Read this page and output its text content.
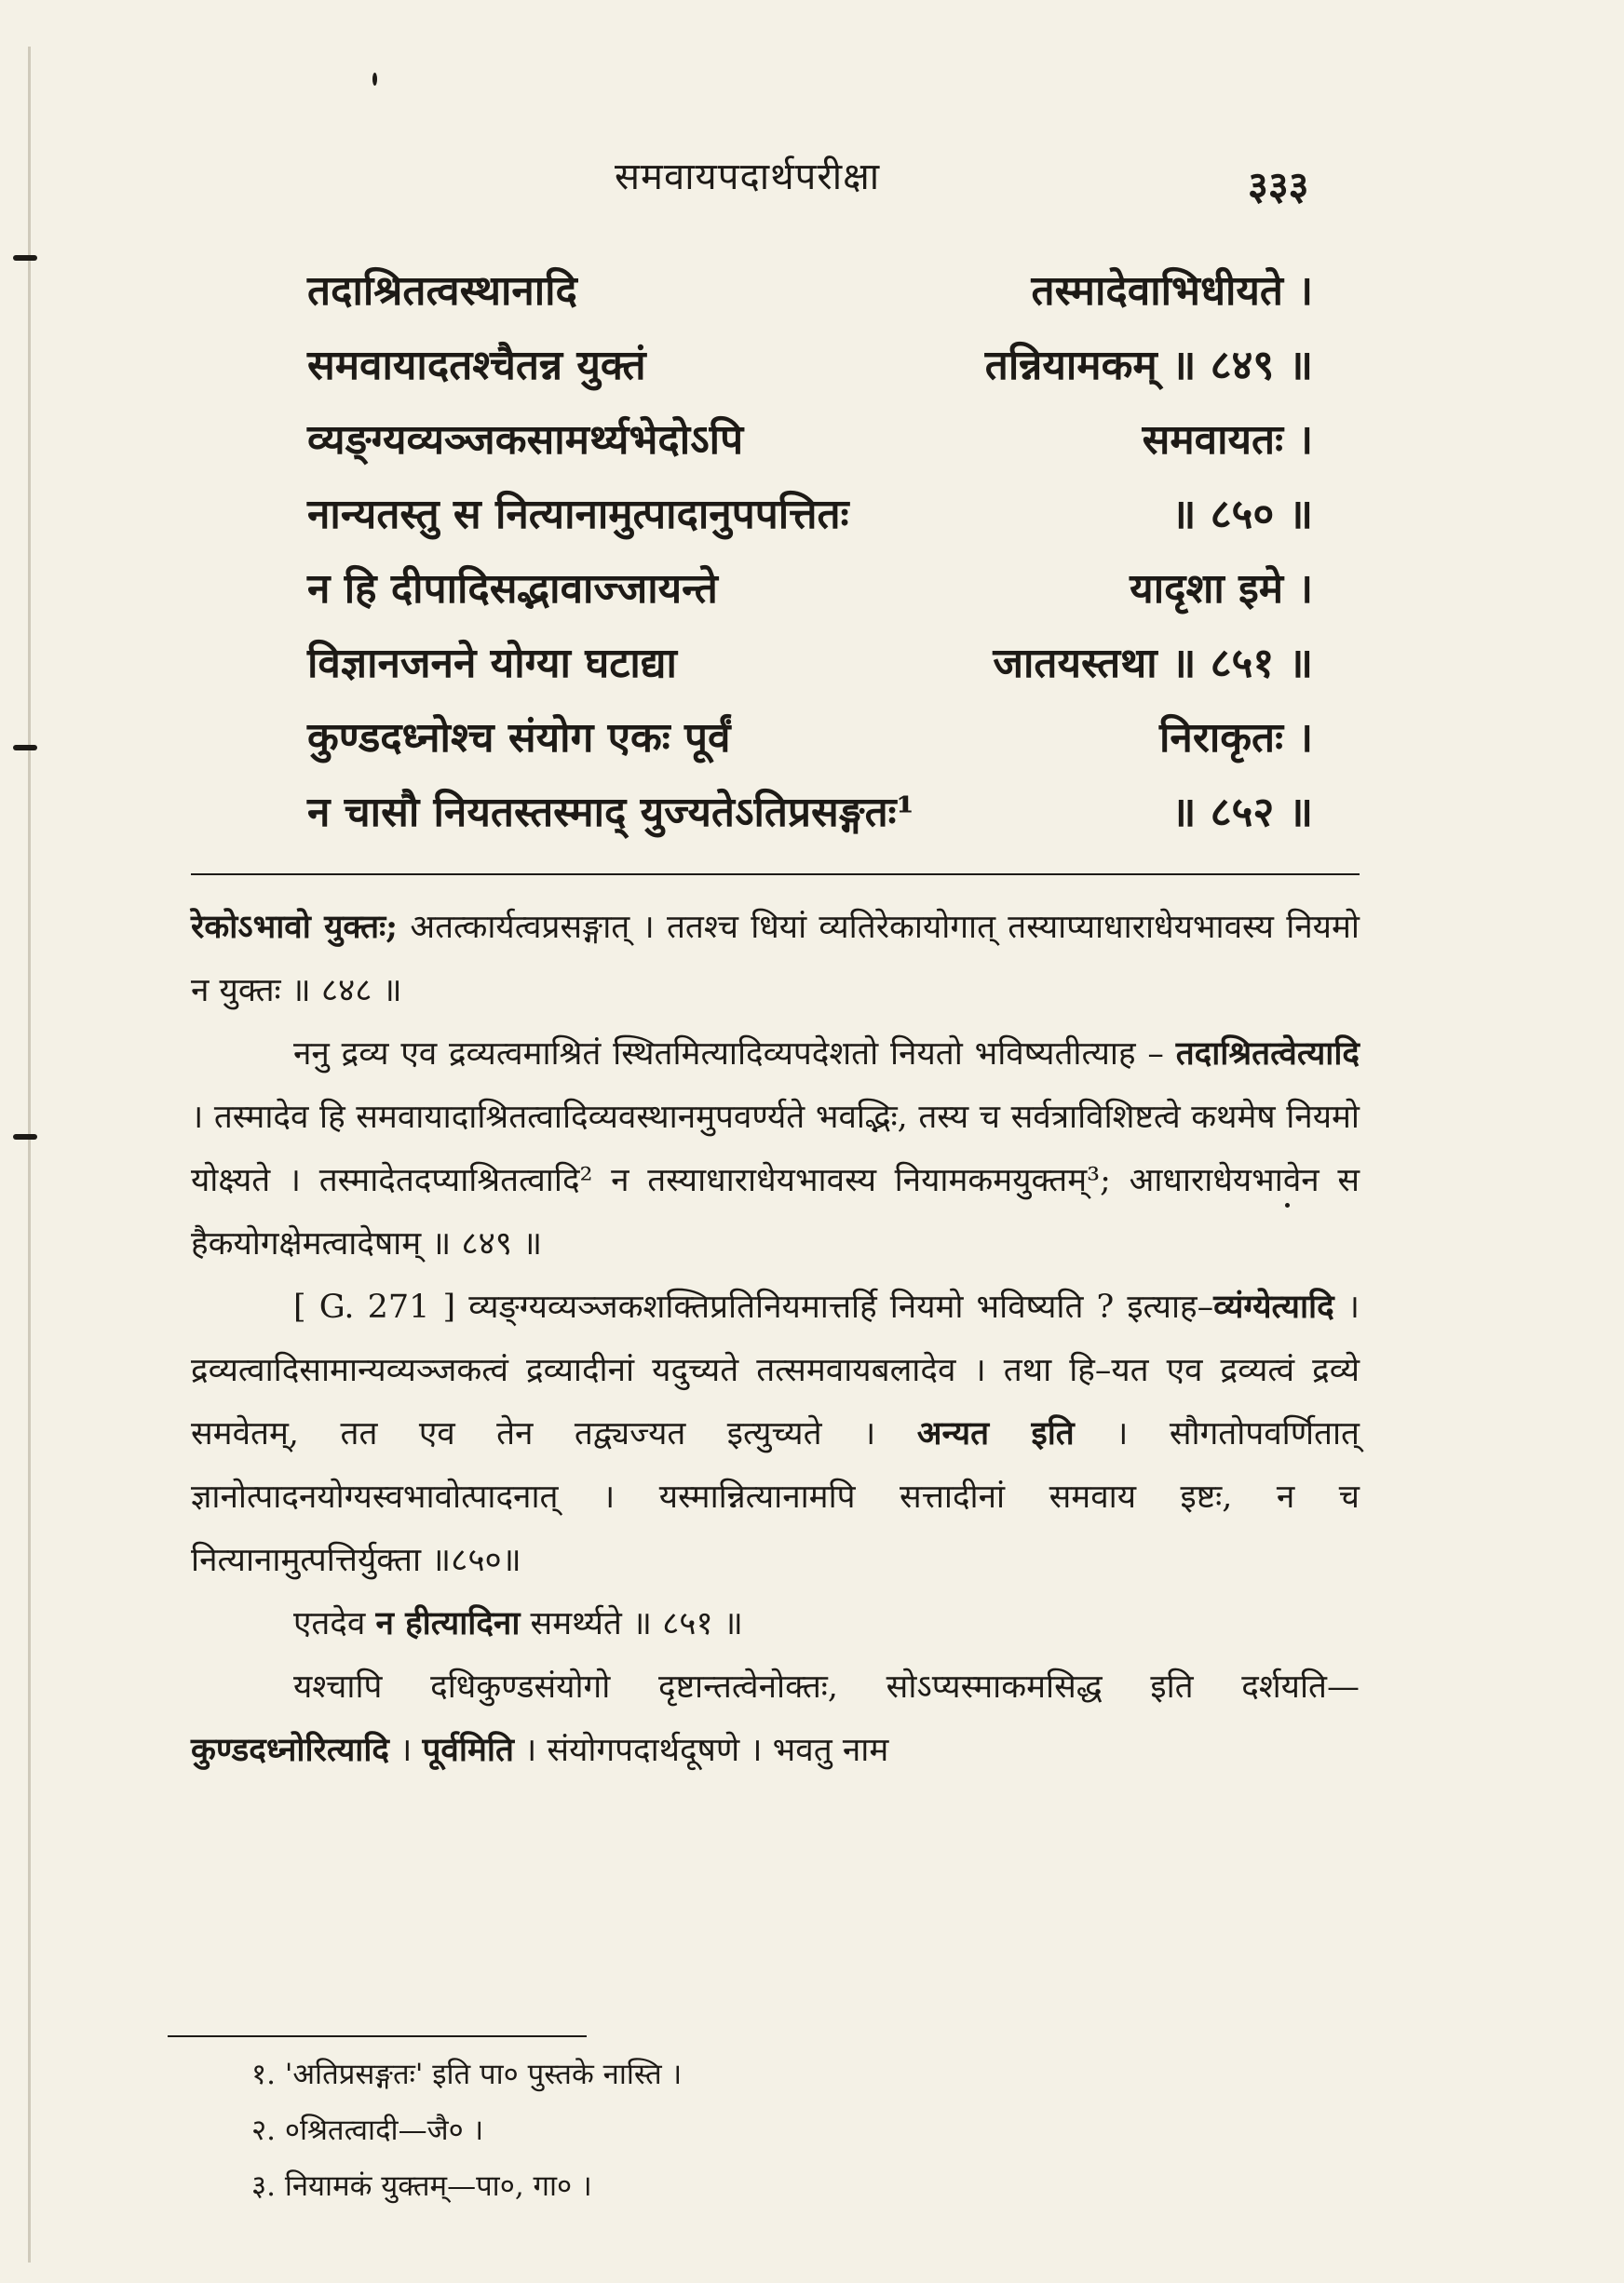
समवायपदार्थपरीक्षा	३३३
तदाश्रितत्वस्थानादि	तस्मादेवाभिधीयते ।
समवायादतश्चैतन्न युक्तं	तन्नियामकम् ॥ ८४९ ॥
व्यङ्ग्यव्यञ्जकसामर्थ्यभेदोऽपि	समवायतः ।
नान्यतस्तु स नित्यानामुत्पादानुपपत्तितः	॥ ८५० ॥
न हि दीपादिसद्भावाज्जायन्ते	यादृशा इमे ।
विज्ञानजनने योग्या घटाद्या	जातयस्तथा ॥ ८५१ ॥
कुण्डदध्नोश्च संयोग एकः पूर्वं	निराकृतः ।
न चासौ नियतस्तस्माद् युज्यतेऽतिप्रसङ्गतः¹	॥ ८५२ ॥

रेकोऽभावो युक्तः; अतत्कार्यत्वप्रसङ्गात् । ततश्च धियां व्यतिरेकायोगात् तस्याप्याधाराधेयभावस्य नियमो न युक्तः ॥ ८४८ ॥

ननु द्रव्य एव द्रव्यत्वमाश्रितं स्थितमित्यादिव्यपदेशतो नियतो भविष्यतीत्याह – तदाश्रितत्वेत्यादि । तस्मादेव हि समवायादाश्रितत्वादिव्यवस्थानमुपवर्ण्यते भवद्भिः, तस्य च सर्वत्राविशिष्टत्वे कथमेष नियमो योक्ष्यते । तस्मादेतदप्याश्रितत्वादि² न तस्याधाराधेयभावस्य नियामकमयुक्तम्³; आधाराधेयभावेन स हैकयोगक्षेमत्वादेषाम् ॥ ८४९ ॥

[ G. 271 ] व्यङ्ग्यव्यञ्जकशक्तिप्रतिनियमात्तर्हि नियमो भविष्यति ? इत्याह–व्यंग्येत्यादि । द्रव्यत्वादिसामान्यव्यञ्जकत्वं द्रव्यादीनां यदुच्यते तत्समवायबलादेव । तथा हि–यत एव द्रव्यत्वं द्रव्ये समवेतम्, तत एव तेन तद्व्यज्यत इत्युच्यते । अन्यत इति । सौगतोपवर्णितात् ज्ञानोत्पादनयोग्यस्वभावोत्पादनात् । यस्मान्नित्यानामपि सत्तादीनां समवाय इष्टः, न च नित्यानामुत्पत्तिर्युक्ता ॥८५०॥

एतदेव न हीत्यादिना समर्थ्यते ॥ ८५१ ॥

यश्चापि दधिकुण्डसंयोगो दृष्टान्तत्वेनोक्तः, सोऽप्यस्माकमसिद्ध इति दर्शयति—कुण्डदध्नोरित्यादि । पूर्वमिति । संयोगपदार्थदूषणे । भवतु नाम

१. 'अतिप्रसङ्गतः' इति पा० पुस्तके नास्ति ।
२. ०श्रितत्वादी—जै० ।
३. नियामकं युक्तम्—पा०, गा० ।
